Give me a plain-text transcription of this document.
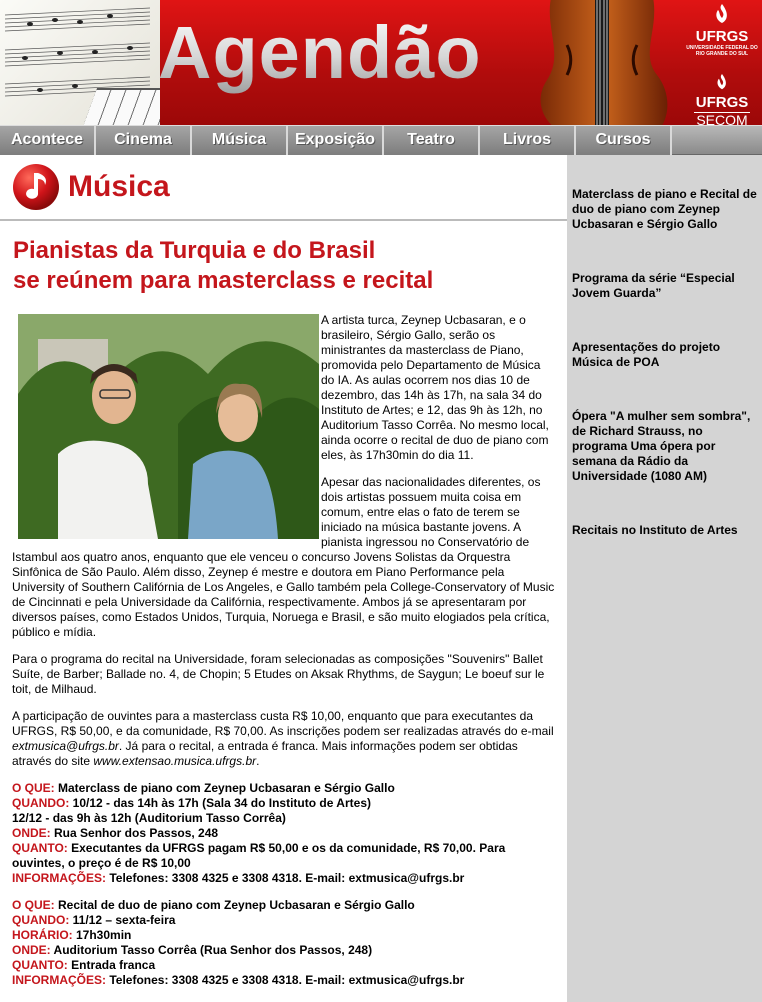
Agendão	UFRGS
UNIVERSIDADE FEDERAL DO RIO GRANDE DO SUL
UFRGS
SECOM
Acontece	Cinema	Música	Exposição	Teatro	Livros	Cursos
Música
Pianistas da Turquia e do Brasil
se reúnem para masterclass e recital

A artista turca, Zeynep Ucbasaran, e o brasileiro, Sérgio Gallo, serão os ministrantes da masterclass de Piano, promovida pelo Departamento de Música do IA. As aulas ocorrem nos dias 10 de dezembro, das 14h às 17h, na sala 34 do Instituto de Artes; e 12, das 9h às 12h, no Auditorium Tasso Corrêa. No mesmo local, ainda ocorre o recital de duo de piano com eles, às 17h30min do dia 11.

Apesar das nacionalidades diferentes, os dois artistas possuem muita coisa em comum, entre elas o fato de terem se iniciado na música bastante jovens. A pianista ingressou no Conservatório de Istambul aos quatro anos, enquanto que ele venceu o concurso Jovens Solistas da Orquestra Sinfônica de São Paulo. Além disso, Zeynep é mestre e doutora em Piano Performance pela University of Southern Califórnia de Los Angeles, e Gallo também pela College-Conservatory of Music de Cincinnati e pela Universidade da Califórnia, respectivamente. Ambos já se apresentaram por diversos países, como Estados Unidos, Turquia, Noruega e Brasil, e são muito elogiados pela crítica, público e mídia.

Para o programa do recital na Universidade, foram selecionadas as composições "Souvenirs" Ballet Suíte, de Barber; Ballade no. 4, de Chopin; 5 Etudes on Aksak Rhythms, de Saygun; Le boeuf sur le toit, de Milhaud.

A participação de ouvintes para a masterclass custa R$ 10,00, enquanto que para executantes da UFRGS, R$ 50,00, e da comunidade, R$ 70,00. As inscrições podem ser realizadas através do e-mail extmusica@ufrgs.br. Já para o recital, a entrada é franca. Mais informações podem ser obtidas através do site www.extensao.musica.ufrgs.br.

O QUE: Materclass de piano com Zeynep Ucbasaran e Sérgio Gallo
QUANDO: 10/12 - das 14h às 17h (Sala 34 do Instituto de Artes)
12/12 - das 9h às 12h (Auditorium Tasso Corrêa)
ONDE: Rua Senhor dos Passos, 248
QUANTO: Executantes da UFRGS pagam R$ 50,00 e os da comunidade, R$ 70,00. Para ouvintes, o preço é de R$ 10,00
INFORMAÇÕES: Telefones: 3308 4325 e 3308 4318. E-mail: extmusica@ufrgs.br
O QUE: Recital de duo de piano com Zeynep Ucbasaran e Sérgio Gallo
QUANDO: 11/12 – sexta-feira
HORÁRIO: 17h30min
ONDE: Auditorium Tasso Corrêa (Rua Senhor dos Passos, 248)
QUANTO: Entrada franca
INFORMAÇÕES: Telefones: 3308 4325 e 3308 4318. E-mail: extmusica@ufrgs.br
Materclass de piano e Recital de duo de piano com Zeynep Ucbasaran e Sérgio Gallo
Programa da série “Especial Jovem Guarda”
Apresentações do projeto Música de POA
Ópera "A mulher sem sombra", de Richard Strauss, no programa Uma ópera por semana da Rádio da Universidade (1080 AM)
Recitais no Instituto de Artes
